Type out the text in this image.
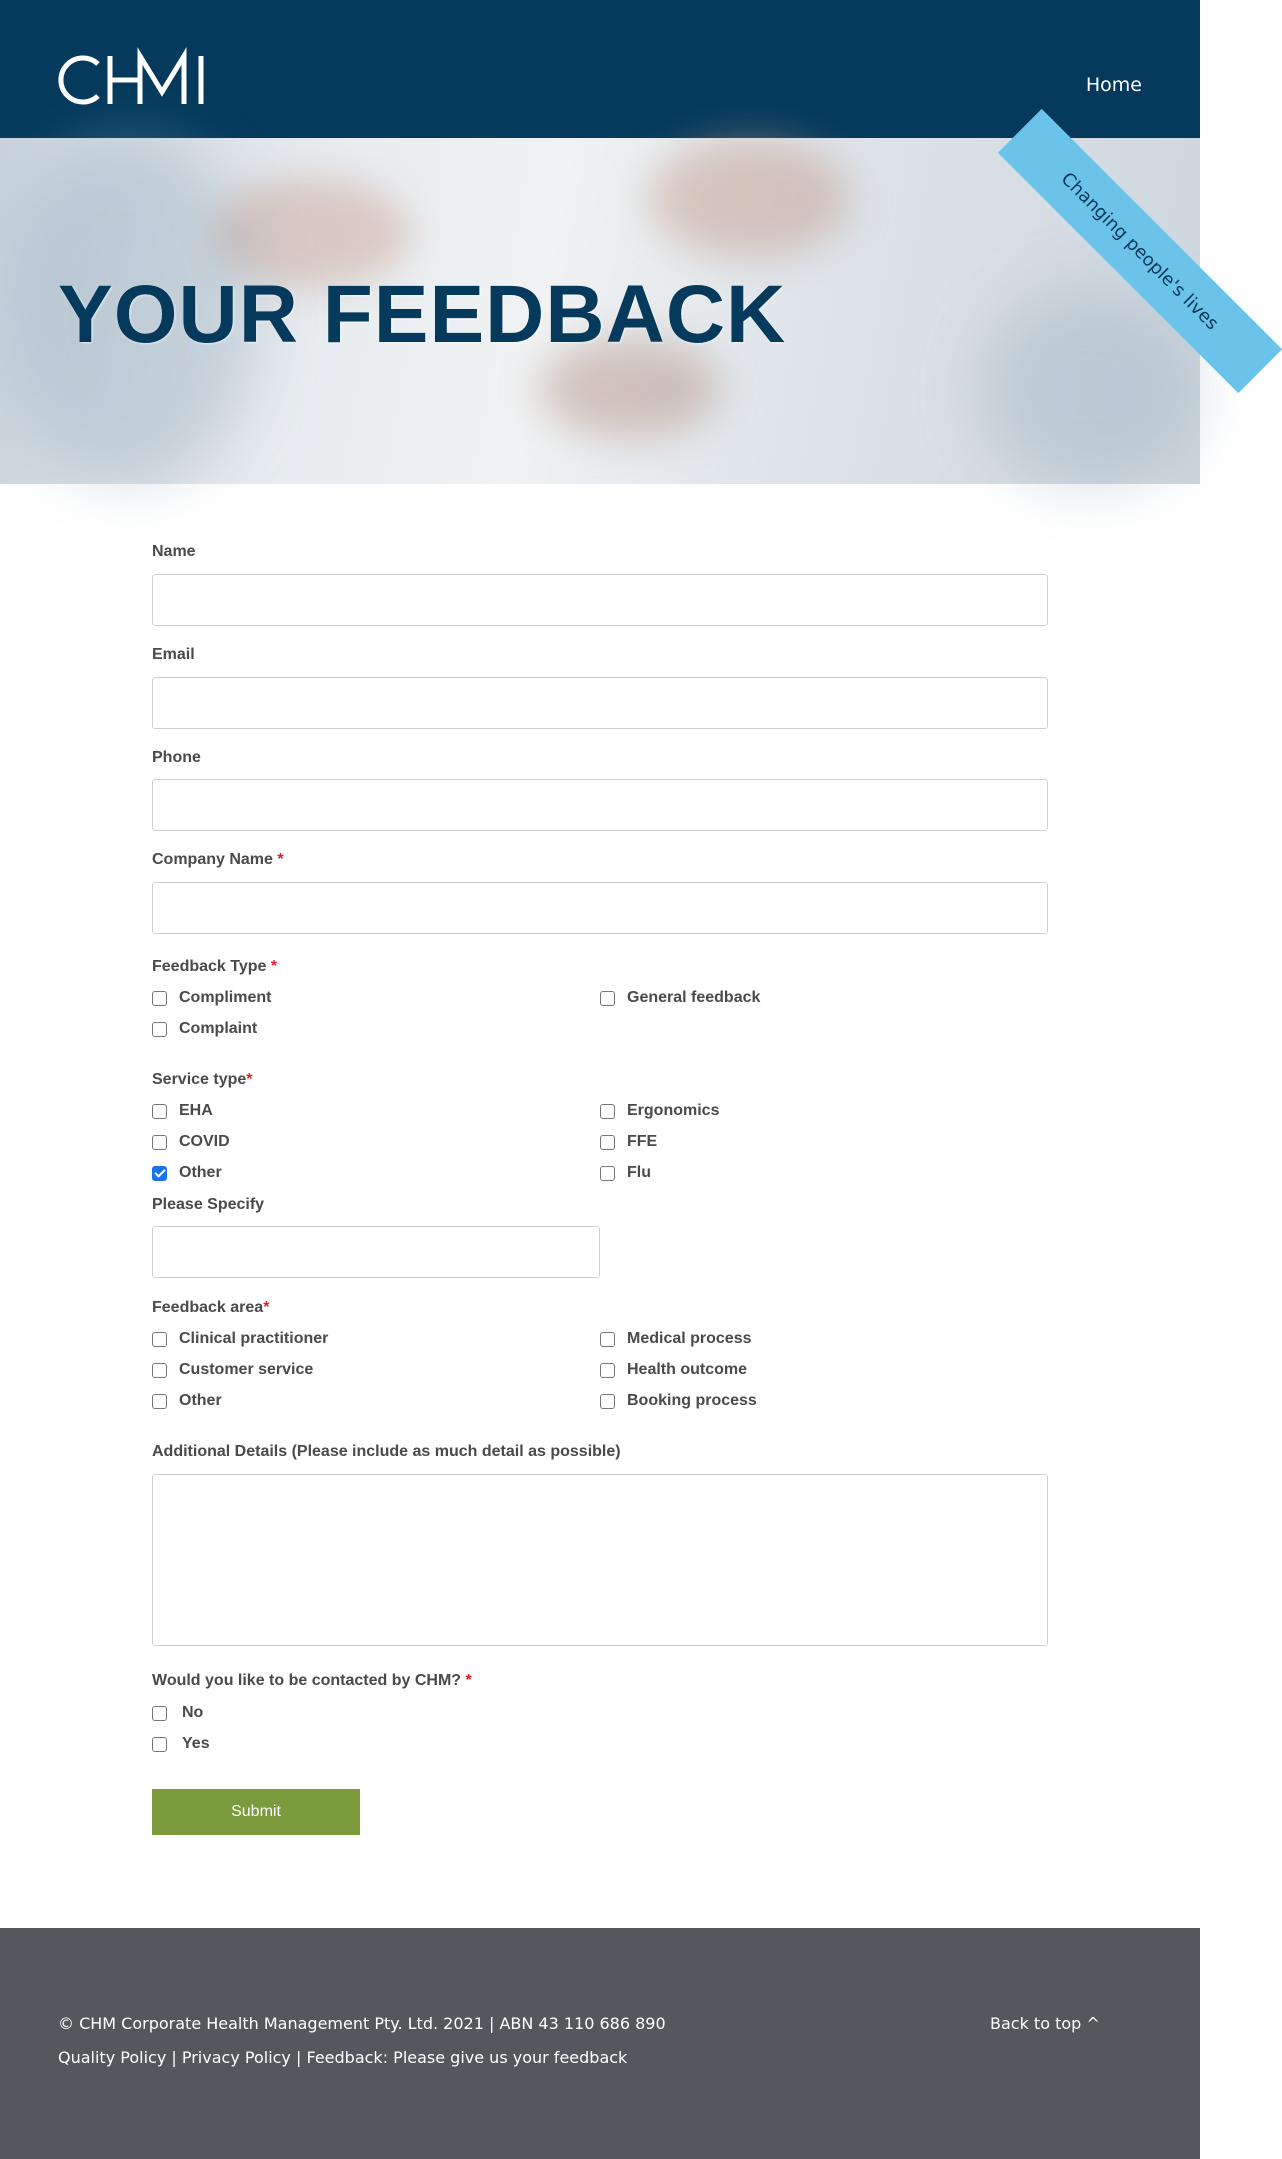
Home
YOUR FEEDBACK	Changing people's lives
Name
Email
Phone
Company Name *
Feedback Type *
Compliment	General feedback
Complaint
Service type*
EHA	Ergonomics
COVID	FFE
Other	Flu
Please Specify
Feedback area*
Clinical practitioner	Medical process
Customer service	Health outcome
Other	Booking process
Additional Details (Please include as much detail as possible)
Would you like to be contacted by CHM? *
No
Yes
Submit
© CHM Corporate Health Management Pty. Ltd. 2021 | ABN 43 110 686 890	Back to top ^
Quality Policy | Privacy Policy | Feedback: Please give us your feedback
